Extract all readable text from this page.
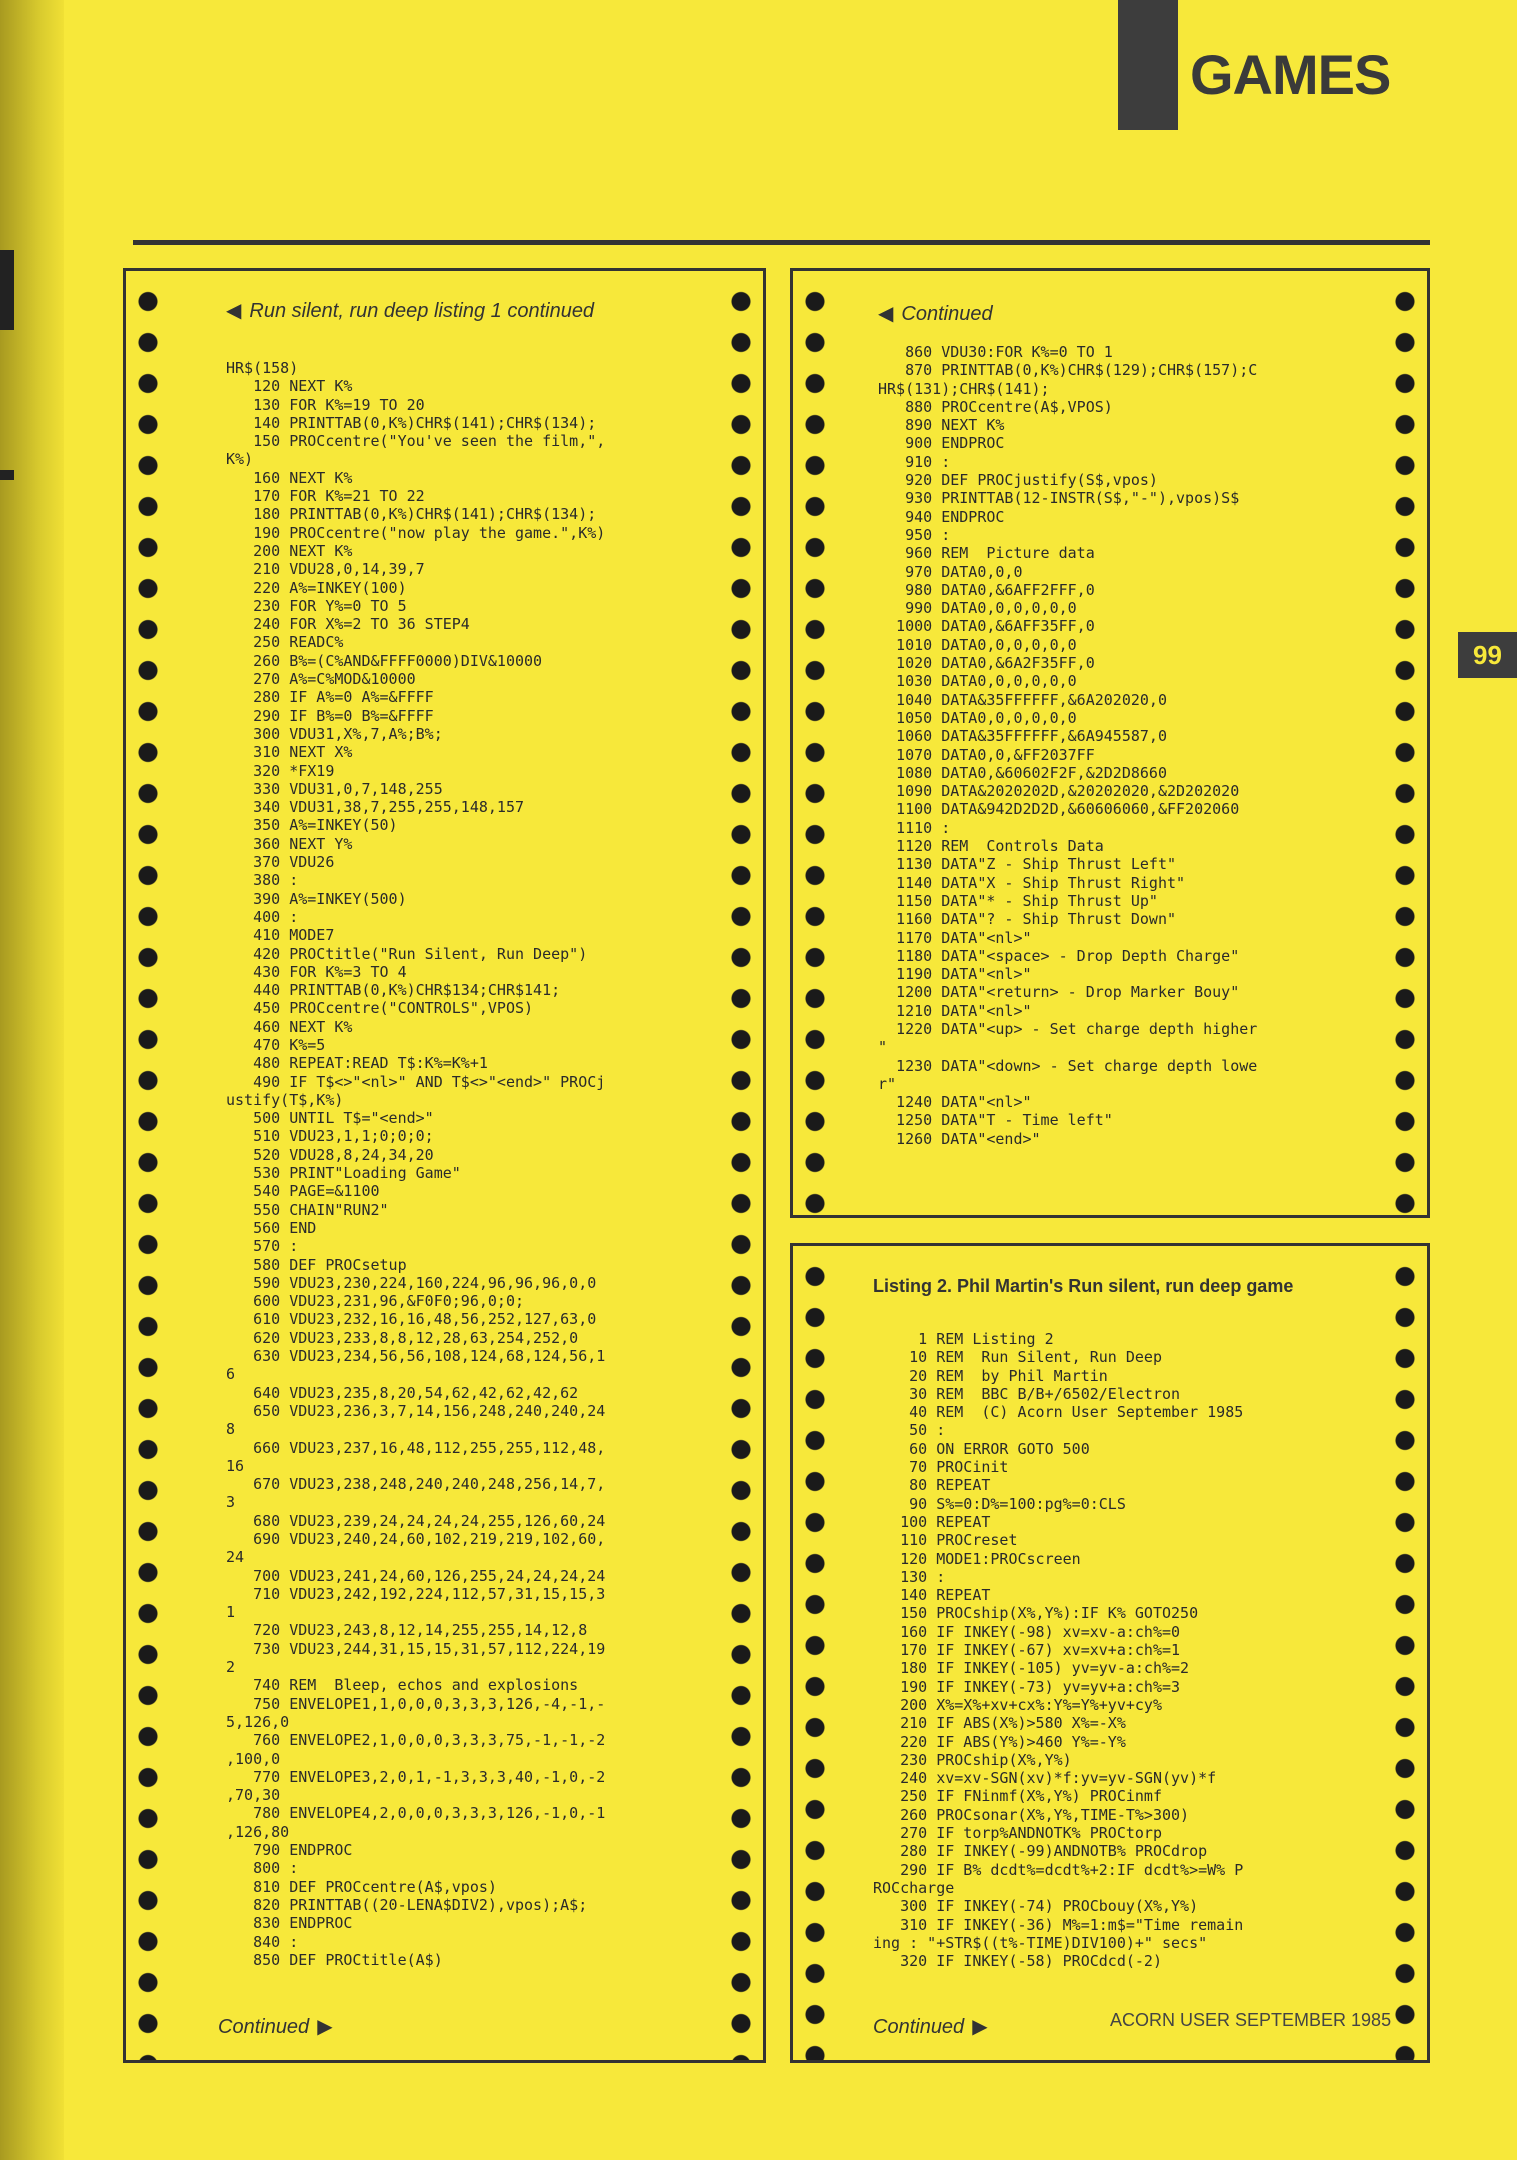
GAMES
99
◀ Run silent, run deep listing 1 continued
HR$(158)
120 NEXT K%
130 FOR K%=19 TO 20
140 PRINTTAB(0,K%)CHR$(141);CHR$(134);
150 PROCcentre("You've seen the film,",
K%)
160 NEXT K%
170 FOR K%=21 TO 22
180 PRINTTAB(0,K%)CHR$(141);CHR$(134);
190 PROCcentre("now play the game.",K%)
200 NEXT K%
210 VDU28,0,14,39,7
220 A%=INKEY(100)
230 FOR Y%=0 TO 5
240 FOR X%=2 TO 36 STEP4
250 READC%
260 B%=(C%AND&FFFF0000)DIV&10000
270 A%=C%MOD&10000
280 IF A%=0 A%=&FFFF
290 IF B%=0 B%=&FFFF
300 VDU31,X%,7,A%;B%;
310 NEXT X%
320 *FX19
330 VDU31,0,7,148,255
340 VDU31,38,7,255,255,148,157
350 A%=INKEY(50)
360 NEXT Y%
370 VDU26
380 :
390 A%=INKEY(500)
400 :
410 MODE7
420 PROCtitle("Run Silent, Run Deep")
430 FOR K%=3 TO 4
440 PRINTTAB(0,K%)CHR$134;CHR$141;
450 PROCcentre("CONTROLS",VPOS)
460 NEXT K%
470 K%=5
480 REPEAT:READ T$:K%=K%+1
490 IF T$<>"<nl>" AND T$<>"<end>" PROCj
ustify(T$,K%)
500 UNTIL T$="<end>"
510 VDU23,1,1;0;0;0;
520 VDU28,8,24,34,20
530 PRINT"Loading Game"
540 PAGE=&1100
550 CHAIN"RUN2"
560 END
570 :
580 DEF PROCsetup
590 VDU23,230,224,160,224,96,96,96,0,0
600 VDU23,231,96,&F0F0;96,0;0;
610 VDU23,232,16,16,48,56,252,127,63,0
620 VDU23,233,8,8,12,28,63,254,252,0
630 VDU23,234,56,56,108,124,68,124,56,1
6
640 VDU23,235,8,20,54,62,42,62,42,62
650 VDU23,236,3,7,14,156,248,240,240,24
8
660 VDU23,237,16,48,112,255,255,112,48,
16
670 VDU23,238,248,240,240,248,256,14,7,
3
680 VDU23,239,24,24,24,24,255,126,60,24
690 VDU23,240,24,60,102,219,219,102,60,
24
700 VDU23,241,24,60,126,255,24,24,24,24
710 VDU23,242,192,224,112,57,31,15,15,3
1
720 VDU23,243,8,12,14,255,255,14,12,8
730 VDU23,244,31,15,15,31,57,112,224,19
2
740 REM  Bleep, echos and explosions
750 ENVELOPE1,1,0,0,0,3,3,3,126,-4,-1,-
5,126,0
760 ENVELOPE2,1,0,0,0,3,3,3,75,-1,-1,-2
,100,0
770 ENVELOPE3,2,0,1,-1,3,3,3,40,-1,0,-2
,70,30
780 ENVELOPE4,2,0,0,0,3,3,3,126,-1,0,-1
,126,80
790 ENDPROC
800 :
810 DEF PROCcentre(A$,vpos)
820 PRINTTAB((20-LENA$DIV2),vpos);A$;
830 ENDPROC
840 :
850 DEF PROCtitle(A$)
Continued ▶
◀ Continued
860 VDU30:FOR K%=0 TO 1
870 PRINTTAB(0,K%)CHR$(129);CHR$(157);C
HR$(131);CHR$(141);
880 PROCcentre(A$,VPOS)
890 NEXT K%
900 ENDPROC
910 :
920 DEF PROCjustify(S$,vpos)
930 PRINTTAB(12-INSTR(S$,"-"),vpos)S$
940 ENDPROC
950 :
960 REM  Picture data
970 DATA0,0,0
980 DATA0,&6AFF2FFF,0
990 DATA0,0,0,0,0,0
1000 DATA0,&6AFF35FF,0
1010 DATA0,0,0,0,0,0
1020 DATA0,&6A2F35FF,0
1030 DATA0,0,0,0,0,0
1040 DATA&35FFFFFF,&6A202020,0
1050 DATA0,0,0,0,0,0
1060 DATA&35FFFFFF,&6A945587,0
1070 DATA0,0,&FF2037FF
1080 DATA0,&60602F2F,&2D2D8660
1090 DATA&2020202D,&20202020,&2D202020
1100 DATA&942D2D2D,&60606060,&FF202060
1110 :
1120 REM  Controls Data
1130 DATA"Z - Ship Thrust Left"
1140 DATA"X - Ship Thrust Right"
1150 DATA"* - Ship Thrust Up"
1160 DATA"? - Ship Thrust Down"
1170 DATA"<nl>"
1180 DATA"<space> - Drop Depth Charge"
1190 DATA"<nl>"
1200 DATA"<return> - Drop Marker Bouy"
1210 DATA"<nl>"
1220 DATA"<up> - Set charge depth higher
"
1230 DATA"<down> - Set charge depth lowe
r"
1240 DATA"<nl>"
1250 DATA"T - Time left"
1260 DATA"<end>"
Listing 2. Phil Martin's Run silent, run deep game
1 REM Listing 2
10 REM  Run Silent, Run Deep
20 REM  by Phil Martin
30 REM  BBC B/B+/6502/Electron
40 REM  (C) Acorn User September 1985
50 :
60 ON ERROR GOTO 500
70 PROCinit
80 REPEAT
90 S%=0:D%=100:pg%=0:CLS
100 REPEAT
110 PROCreset
120 MODE1:PROCscreen
130 :
140 REPEAT
150 PROCship(X%,Y%):IF K% GOTO250
160 IF INKEY(-98) xv=xv-a:ch%=0
170 IF INKEY(-67) xv=xv+a:ch%=1
180 IF INKEY(-105) yv=yv-a:ch%=2
190 IF INKEY(-73) yv=yv+a:ch%=3
200 X%=X%+xv+cx%:Y%=Y%+yv+cy%
210 IF ABS(X%)>580 X%=-X%
220 IF ABS(Y%)>460 Y%=-Y%
230 PROCship(X%,Y%)
240 xv=xv-SGN(xv)*f:yv=yv-SGN(yv)*f
250 IF FNinmf(X%,Y%) PROCinmf
260 PROCsonar(X%,Y%,TIME-T%>300)
270 IF torp%ANDNOTK% PROCtorp
280 IF INKEY(-99)ANDNOTB% PROCdrop
290 IF B% dcdt%=dcdt%+2:IF dcdt%>=W% P
ROCcharge
300 IF INKEY(-74) PROCbouy(X%,Y%)
310 IF INKEY(-36) M%=1:m$="Time remain
ing : "+STR$((t%-TIME)DIV100)+" secs"
320 IF INKEY(-58) PROCdcd(-2)
Continued ▶	ACORN USER SEPTEMBER 1985
